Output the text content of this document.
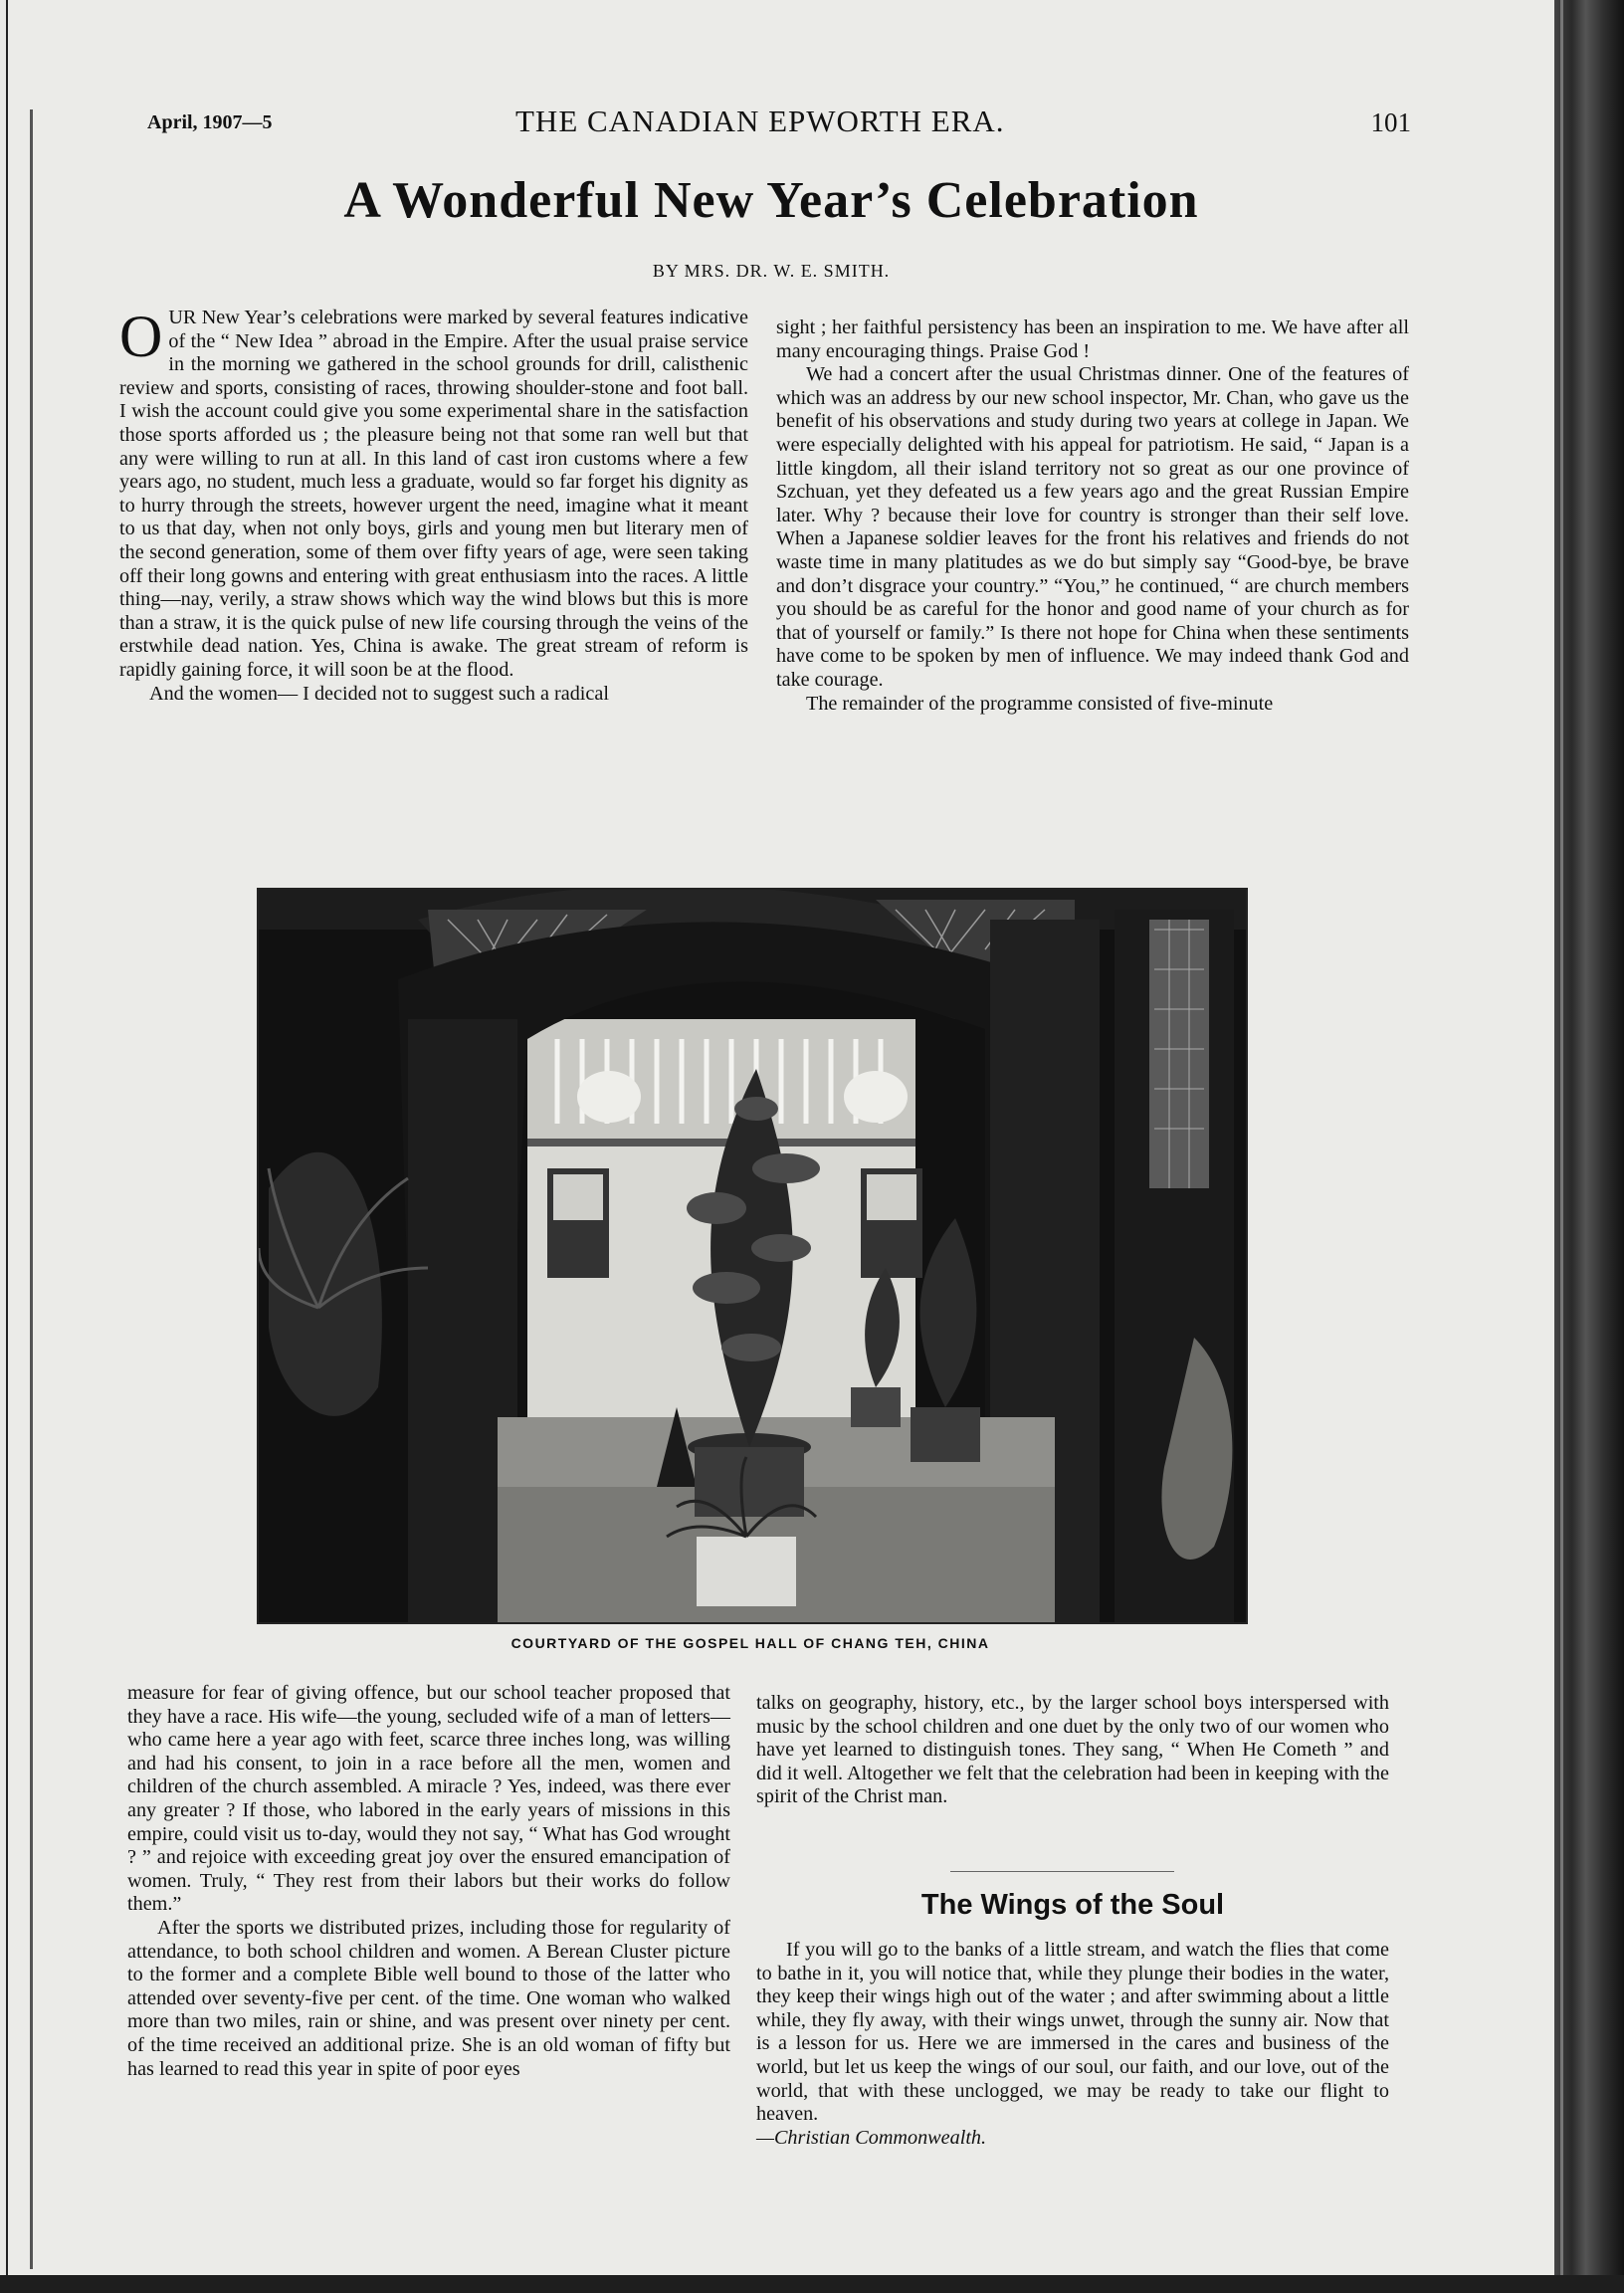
April, 1907—5	THE CANADIAN EPWORTH ERA.	101
A Wonderful New Year’s Celebration
BY MRS. DR. W. E. SMITH.

O UR New Year’s celebrations were marked by several features indicative of the “ New Idea ” abroad in the Empire. After the usual praise service in the morning we gathered in the school grounds for drill, calisthenic review and sports, consisting of races, throwing shoulder-stone and foot ball. I wish the account could give you some experimental share in the satisfaction those sports afforded us ; the pleasure being not that some ran well but that any were willing to run at all. In this land of cast iron customs where a few years ago, no student, much less a graduate, would so far forget his dignity as to hurry through the streets, however urgent the need, imagine what it meant to us that day, when not only boys, girls and young men but literary men of the second generation, some of them over fifty years of age, were seen taking off their long gowns and entering with great enthusiasm into the races. A little thing—nay, verily, a straw shows which way the wind blows but this is more than a straw, it is the quick pulse of new life coursing through the veins of the erstwhile dead nation. Yes, China is awake. The great stream of reform is rapidly gaining force, it will soon be at the flood.

And the women— I decided not to suggest such a radical

sight ; her faithful persistency has been an inspiration to me. We have after all many encouraging things. Praise God !

We had a concert after the usual Christmas dinner. One of the features of which was an address by our new school inspector, Mr. Chan, who gave us the benefit of his observations and study during two years at college in Japan. We were especially delighted with his appeal for patriotism. He said, “ Japan is a little kingdom, all their island territory not so great as our one province of Szchuan, yet they defeated us a few years ago and the great Russian Empire later. Why ? because their love for country is stronger than their self love. When a Japanese soldier leaves for the front his relatives and friends do not waste time in many platitudes as we do but simply say “Good-bye, be brave and don’t disgrace your country.” “You,” he continued, “ are church members you should be as careful for the honor and good name of your church as for that of yourself or family.” Is there not hope for China when these sentiments have come to be spoken by men of influence. We may indeed thank God and take courage.

The remainder of the programme consisted of five-minute

COURTYARD OF THE GOSPEL HALL OF CHANG TEH, CHINA

measure for fear of giving offence, but our school teacher proposed that they have a race. His wife—the young, secluded wife of a man of letters—who came here a year ago with feet, scarce three inches long, was willing and had his consent, to join in a race before all the men, women and children of the church assembled. A miracle ? Yes, indeed, was there ever any greater ? If those, who labored in the early years of missions in this empire, could visit us to-day, would they not say, “ What has God wrought ? ” and rejoice with exceeding great joy over the ensured emancipation of women. Truly, “ They rest from their labors but their works do follow them.”

After the sports we distributed prizes, including those for regularity of attendance, to both school children and women. A Berean Cluster picture to the former and a complete Bible well bound to those of the latter who attended over seventy-five per cent. of the time. One woman who walked more than two miles, rain or shine, and was present over ninety per cent. of the time received an additional prize. She is an old woman of fifty but has learned to read this year in spite of poor eyes

talks on geography, history, etc., by the larger school boys interspersed with music by the school children and one duet by the only two of our women who have yet learned to distinguish tones. They sang, “ When He Cometh ” and did it well. Altogether we felt that the celebration had been in keeping with the spirit of the Christ man.

The Wings of the Soul

If you will go to the banks of a little stream, and watch the flies that come to bathe in it, you will notice that, while they plunge their bodies in the water, they keep their wings high out of the water ; and after swimming about a little while, they fly away, with their wings unwet, through the sunny air. Now that is a lesson for us. Here we are immersed in the cares and business of the world, but let us keep the wings of our soul, our faith, and our love, out of the world, that with these unclogged, we may be ready to take our flight to heaven.

—Christian Commonwealth.
